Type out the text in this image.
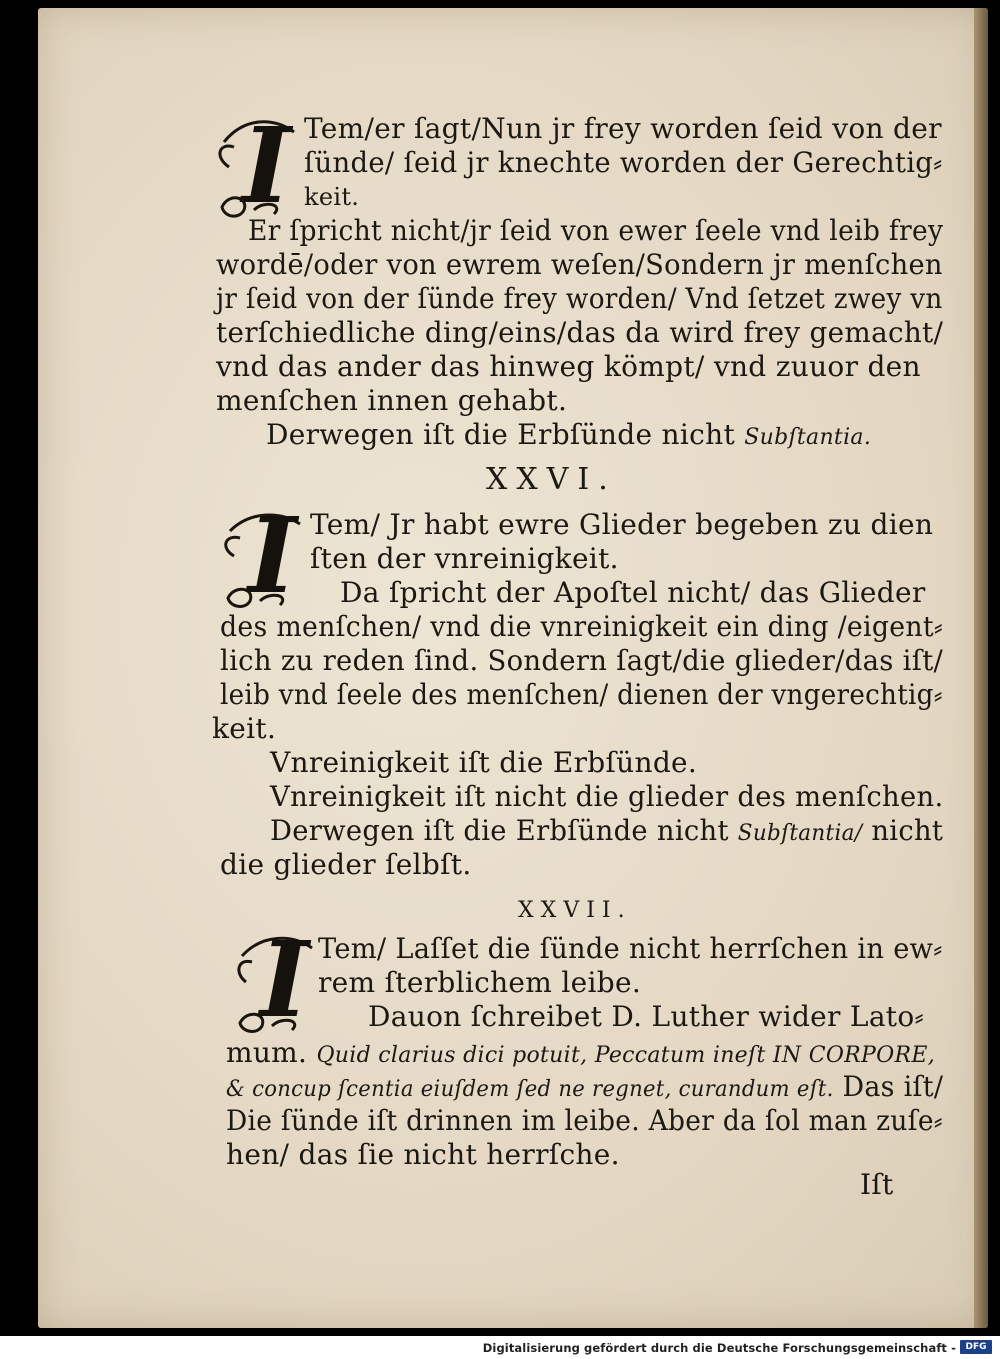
I Tem/er ſagt/Nun jr frey worden ſeid von der
ſünde/ ſeid jr knechte worden der Gerechtig⸗
keit.
Er ſpricht nicht/jr ſeid von ewer ſeele vnd leib frey
wordē/oder von ewrem weſen/Sondern jr menſchen
jr ſeid von der ſünde frey worden/ Vnd ſetzet zwey vn
terſchiedliche ding/eins/das da wird frey gemacht/
vnd das ander das hinweg kömpt/ vnd zuuor den
menſchen innen gehabt.
Derwegen iſt die Erbſünde nicht Subſtantia.
XXVI.
I Tem/ Jr habt ewre Glieder begeben zu dien
ſten der vnreinigkeit.
Da ſpricht der Apoſtel nicht/ das Glieder
des menſchen/ vnd die vnreinigkeit ein ding /eigent⸗
lich zu reden ſind. Sondern ſagt/die glieder/das iſt/
leib vnd ſeele des menſchen/ dienen der vngerechtig⸗
keit.
Vnreinigkeit iſt die Erbſünde.
Vnreinigkeit iſt nicht die glieder des menſchen.
Derwegen iſt die Erbſünde nicht Subſtantia/ nicht
die glieder ſelbſt.
XXVII.
I Tem/ Laſſet die ſünde nicht herrſchen in ew⸗
rem ſterblichem leibe.
Dauon ſchreibet D. Luther wider Lato⸗
mum. Quid clarius dici potuit, Peccatum ineſt IN CORPORE,
& concup ſcentia eiuſdem ſed ne regnet, curandum eſt. Das iſt/
Die ſünde iſt drinnen im leibe. Aber da ſol man zuſe⸗
hen/ das ſie nicht herrſche.
Iſt
Digitalisierung gefördert durch die Deutsche Forschungsgemeinschaft -	DFG
